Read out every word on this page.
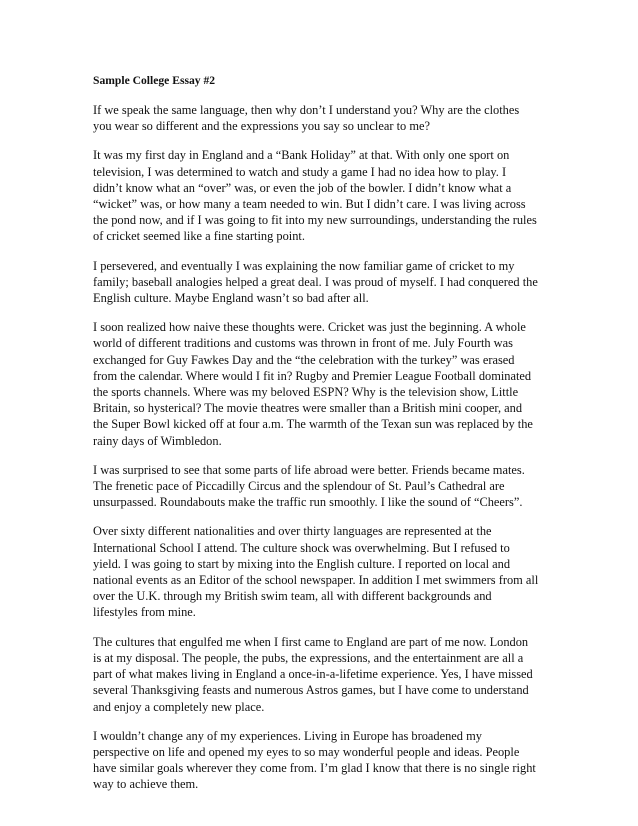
Sample College Essay #2
If we speak the same language, then why don’t I understand you? Why are the clothes
you wear so different and the expressions you say so unclear to me?
It was my first day in England and a “Bank Holiday” at that. With only one sport on
television, I was determined to watch and study a game I had no idea how to play. I
didn’t know what an “over” was, or even the job of the bowler. I didn’t know what a
“wicket” was, or how many a team needed to win. But I didn’t care. I was living across
the pond now, and if I was going to fit into my new surroundings, understanding the rules
of cricket seemed like a fine starting point.
I persevered, and eventually I was explaining the now familiar game of cricket to my
family; baseball analogies helped a great deal. I was proud of myself. I had conquered the
English culture. Maybe England wasn’t so bad after all.
I soon realized how naive these thoughts were. Cricket was just the beginning. A whole
world of different traditions and customs was thrown in front of me. July Fourth was
exchanged for Guy Fawkes Day and the “the celebration with the turkey” was erased
from the calendar. Where would I fit in? Rugby and Premier League Football dominated
the sports channels. Where was my beloved ESPN? Why is the television show, Little
Britain, so hysterical? The movie theatres were smaller than a British mini cooper, and
the Super Bowl kicked off at four a.m. The warmth of the Texan sun was replaced by the
rainy days of Wimbledon.
I was surprised to see that some parts of life abroad were better. Friends became mates.
The frenetic pace of Piccadilly Circus and the splendour of St. Paul’s Cathedral are
unsurpassed. Roundabouts make the traffic run smoothly. I like the sound of “Cheers”.
Over sixty different nationalities and over thirty languages are represented at the
International School I attend. The culture shock was overwhelming. But I refused to
yield. I was going to start by mixing into the English culture. I reported on local and
national events as an Editor of the school newspaper. In addition I met swimmers from all
over the U.K. through my British swim team, all with different backgrounds and
lifestyles from mine.
The cultures that engulfed me when I first came to England are part of me now. London
is at my disposal. The people, the pubs, the expressions, and the entertainment are all a
part of what makes living in England a once-in-a-lifetime experience. Yes, I have missed
several Thanksgiving feasts and numerous Astros games, but I have come to understand
and enjoy a completely new place.
I wouldn’t change any of my experiences. Living in Europe has broadened my
perspective on life and opened my eyes to so may wonderful people and ideas. People
have similar goals wherever they come from. I’m glad I know that there is no single right
way to achieve them.
